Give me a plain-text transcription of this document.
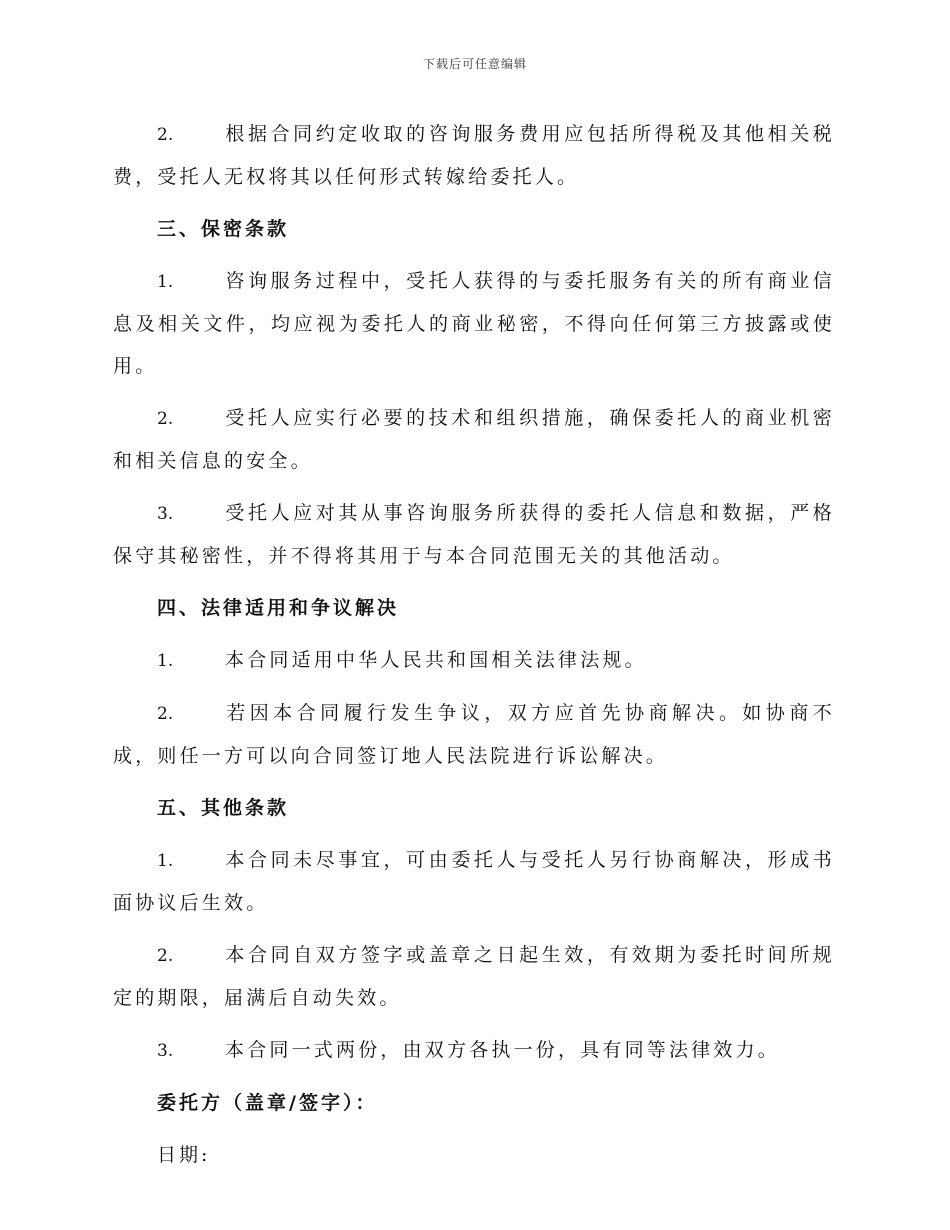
下载后可任意编辑

2.	根据合同约定收取的咨询服务费用应包括所得税及其他相关税费，受托人无权将其以任何形式转嫁给委托人。

三、保密条款

1.	咨询服务过程中，受托人获得的与委托服务有关的所有商业信息及相关文件，均应视为委托人的商业秘密，不得向任何第三方披露或使用。

2.	受托人应实行必要的技术和组织措施，确保委托人的商业机密和相关信息的安全。

3.	受托人应对其从事咨询服务所获得的委托人信息和数据，严格保守其秘密性，并不得将其用于与本合同范围无关的其他活动。

四、法律适用和争议解决

1.	本合同适用中华人民共和国相关法律法规。

2.	若因本合同履行发生争议，双方应首先协商解决。如协商不成，则任一方可以向合同签订地人民法院进行诉讼解决。

五、其他条款

1.	本合同未尽事宜，可由委托人与受托人另行协商解决，形成书面协议后生效。

2.	本合同自双方签字或盖章之日起生效，有效期为委托时间所规定的期限，届满后自动失效。

3.	本合同一式两份，由双方各执一份，具有同等法律效力。

委托方（盖章/签字）：
日期:
